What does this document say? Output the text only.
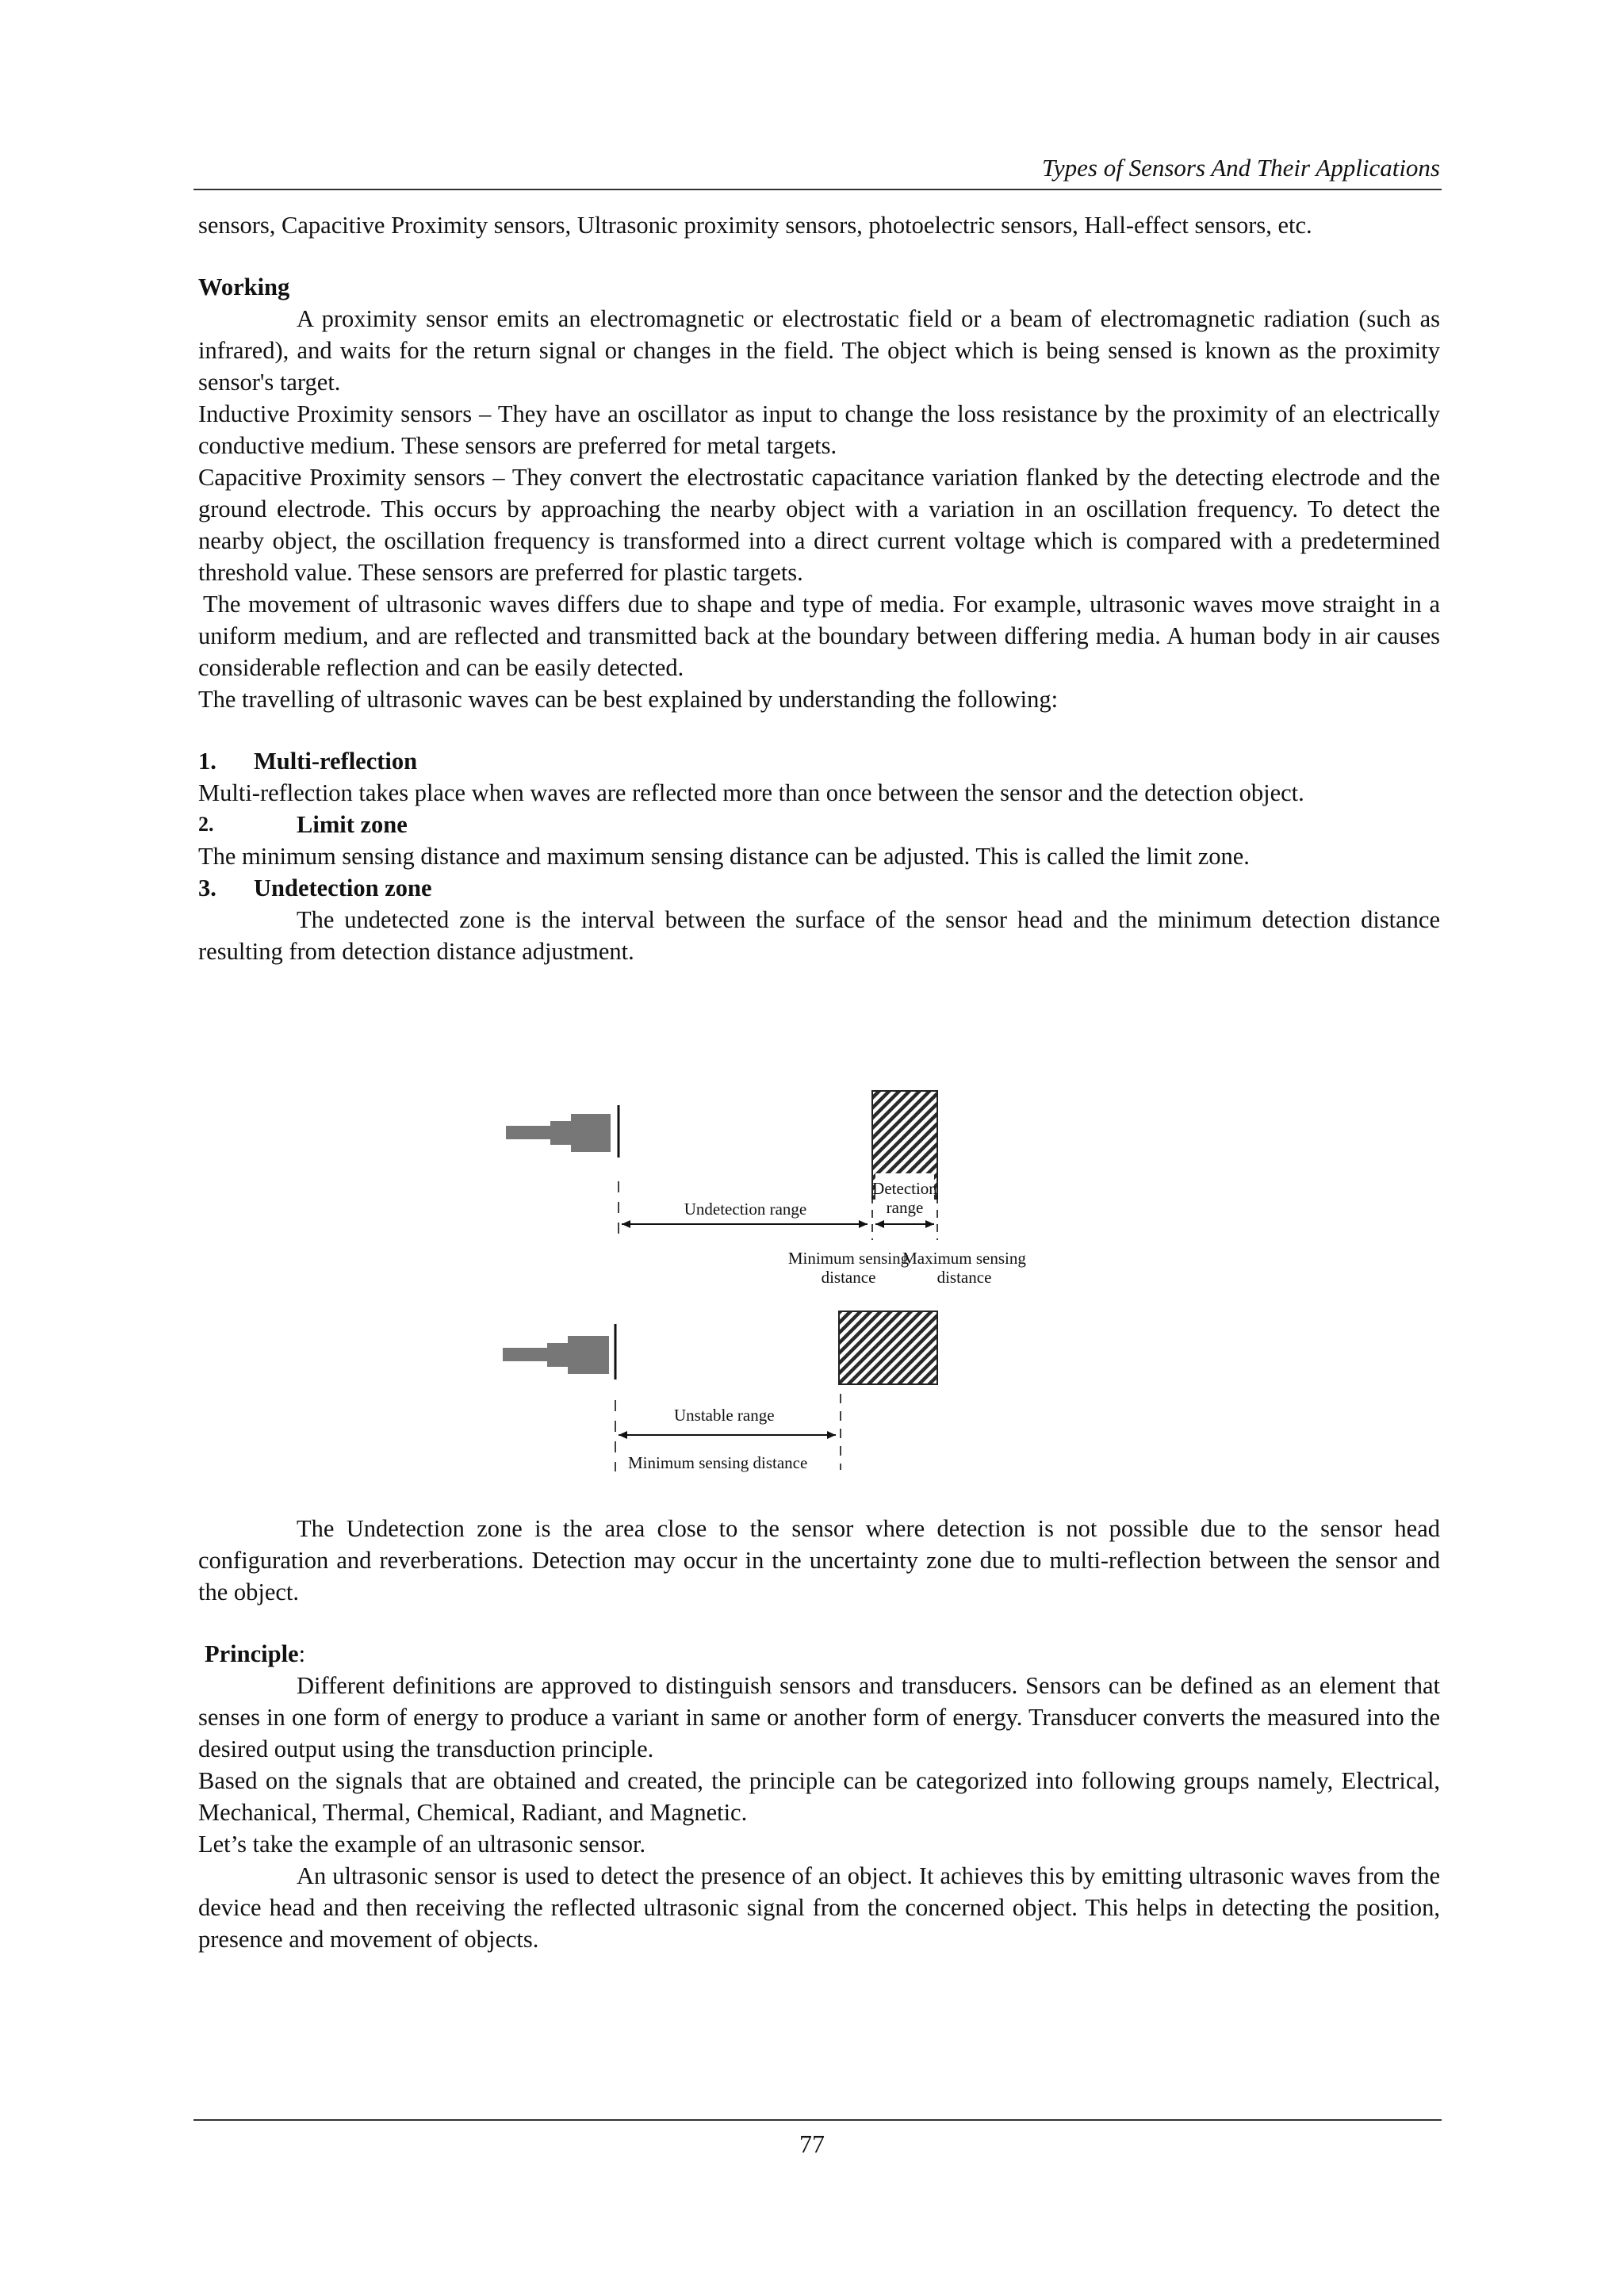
Types of Sensors And Their Applications

sensors, Capacitive Proximity sensors, Ultrasonic proximity sensors, photoelectric sensors, Hall-effect sensors, etc.

Working

A proximity sensor emits an electromagnetic or electrostatic field or a beam of electromagnetic radiation (such as infrared), and waits for the return signal or changes in the field. The object which is being sensed is known as the proximity sensor's target.

Inductive Proximity sensors – They have an oscillator as input to change the loss resistance by the proximity of an electrically conductive medium. These sensors are preferred for metal targets.

Capacitive Proximity sensors – They convert the electrostatic capacitance variation flanked by the detecting electrode and the ground electrode. This occurs by approaching the nearby object with a variation in an oscillation frequency. To detect the nearby object, the oscillation frequency is transformed into a direct current voltage which is compared with a predetermined threshold value. These sensors are preferred for plastic targets.

The movement of ultrasonic waves differs due to shape and type of media. For example, ultrasonic waves move straight in a uniform medium, and are reflected and transmitted back at the boundary between differing media. A human body in air causes considerable reflection and can be easily detected.

The travelling of ultrasonic waves can be best explained by understanding the following:

1.	Multi-reflection

Multi-reflection takes place when waves are reflected more than once between the sensor and the detection object.

2.	Limit zone

The minimum sensing distance and maximum sensing distance can be adjusted. This is called the limit zone.

3.	Undetection zone

The undetected zone is the interval between the surface of the sensor head and the minimum detection distance resulting from detection distance adjustment.

Undetection range
Detection
range
Minimum sensing
distance
Maximum sensing
distance
Unstable range
Minimum sensing distance

The Undetection zone is the area close to the sensor where detection is not possible due to the sensor head configuration and reverberations. Detection may occur in the uncertainty zone due to multi-reflection between the sensor and the object.

Principle:

Different definitions are approved to distinguish sensors and transducers. Sensors can be defined as an element that senses in one form of energy to produce a variant in same or another form of energy. Transducer converts the measured into the desired output using the transduction principle.

Based on the signals that are obtained and created, the principle can be categorized into following groups namely, Electrical, Mechanical, Thermal, Chemical, Radiant, and Magnetic.

Let’s take the example of an ultrasonic sensor.

An ultrasonic sensor is used to detect the presence of an object. It achieves this by emitting ultrasonic waves from the device head and then receiving the reflected ultrasonic signal from the concerned object. This helps in detecting the position, presence and movement of objects.

77
